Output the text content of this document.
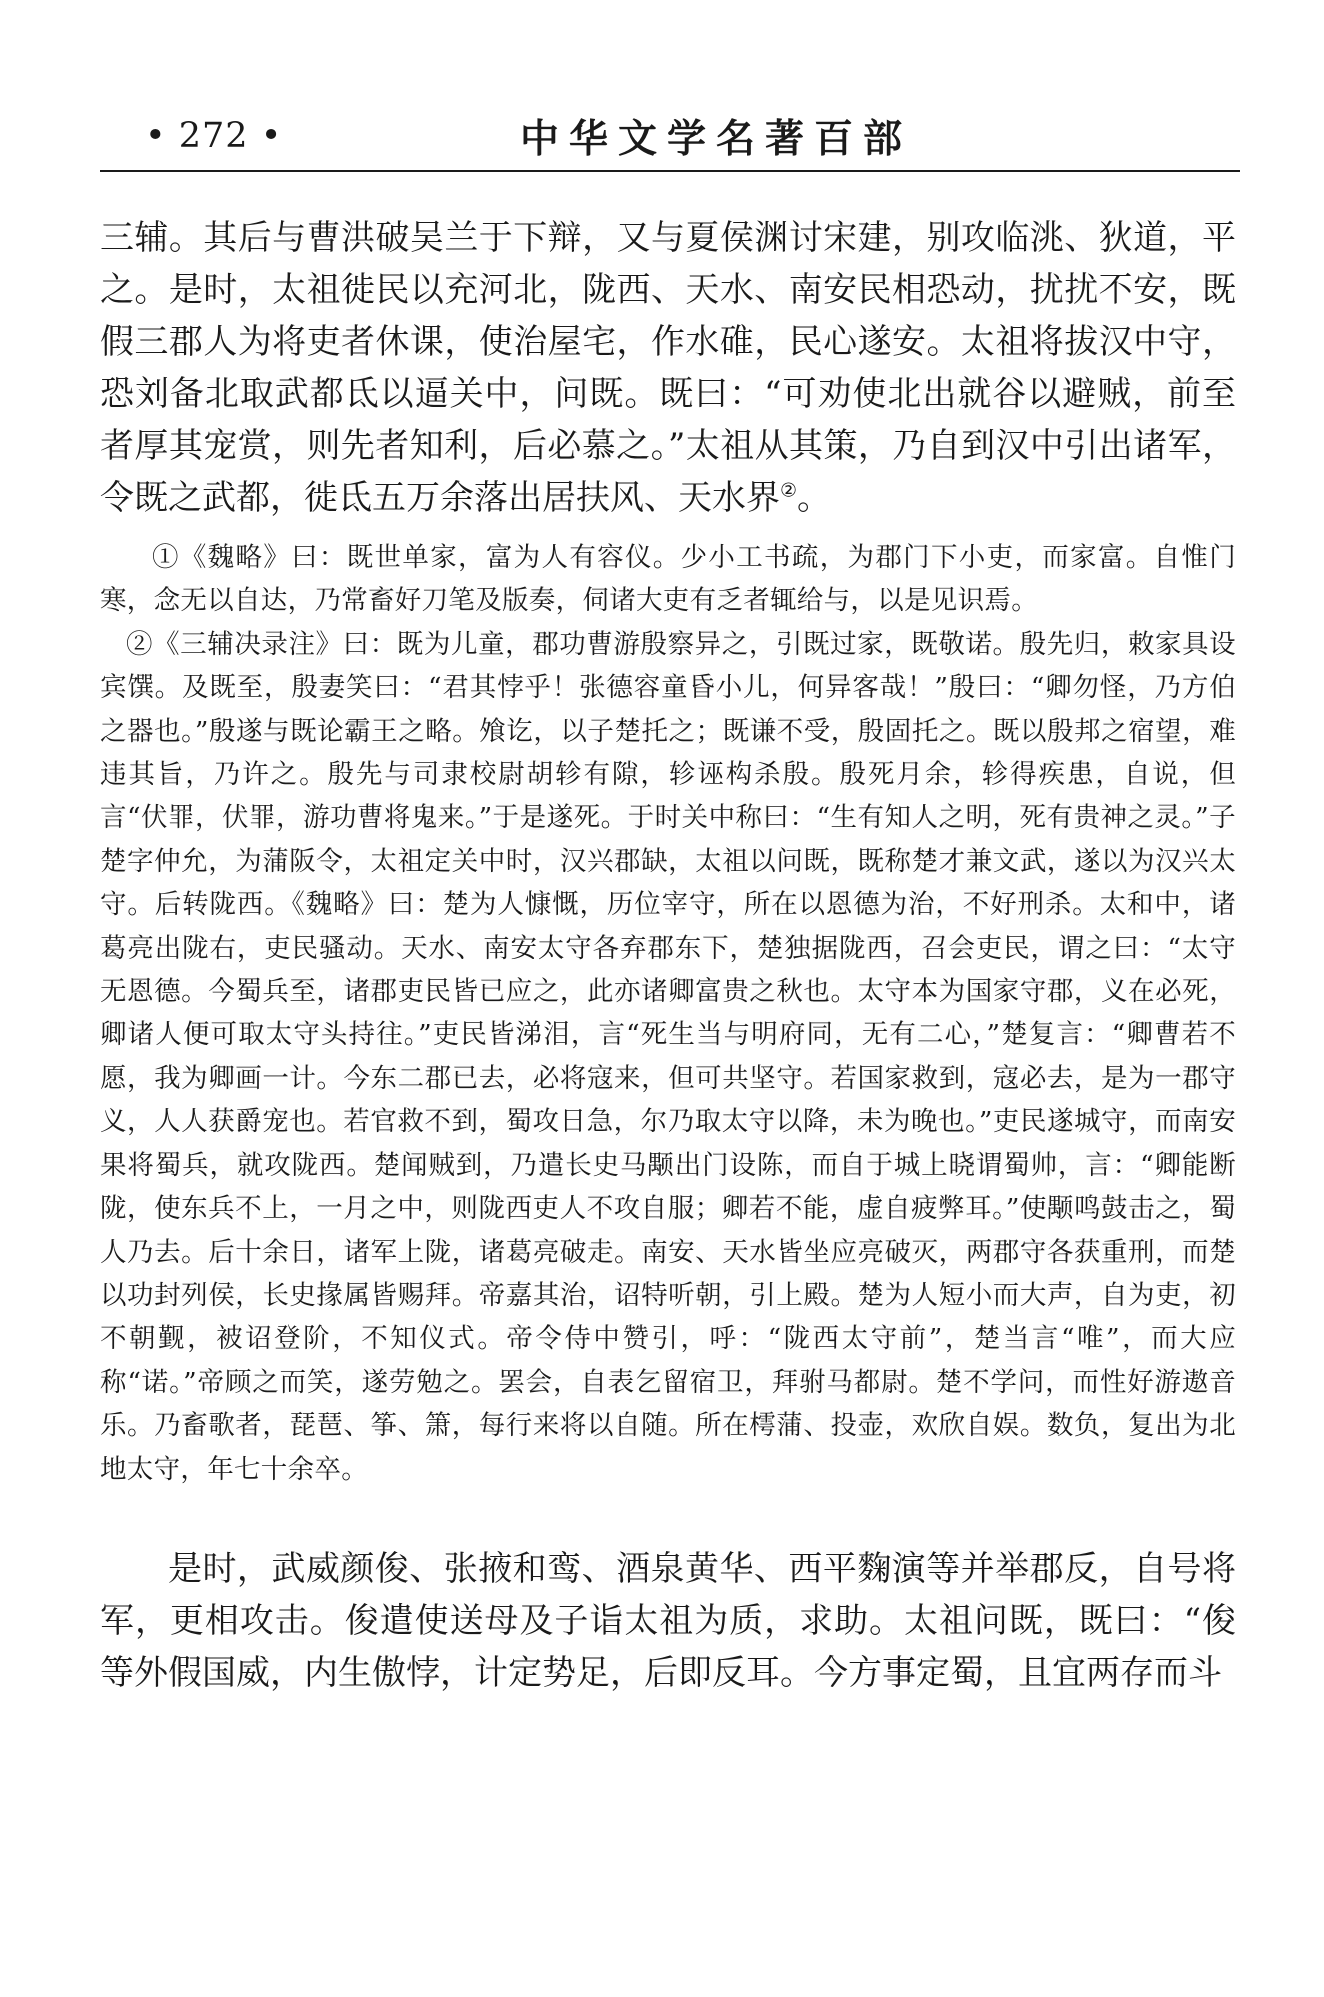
• 272 •	中华文学名著百部

三辅。其后与曹洪破吴兰于下辩，又与夏侯渊讨宋建，别攻临洮、狄道，平之。是时，太祖徙民以充河北，陇西、天水、南安民相恐动，扰扰不安，既假三郡人为将吏者休课，使治屋宅，作水碓，民心遂安。太祖将拔汉中守，恐刘备北取武都氐以逼关中，问既。既曰：“可劝使北出就谷以避贼，前至者厚其宠赏，则先者知利，后必慕之。”太祖从其策，乃自到汉中引出诸军，令既之武都，徙氐五万余落出居扶风、天水界②。

①《魏略》曰：既世单家，富为人有容仪。少小工书疏，为郡门下小吏，而家富。自惟门寒，念无以自达，乃常畜好刀笔及版奏，伺诸大吏有乏者辄给与，以是见识焉。

②《三辅决录注》曰：既为儿童，郡功曹游殷察异之，引既过家，既敬诺。殷先归，敕家具设宾馔。及既至，殷妻笑曰：“君其悖乎！张德容童昏小儿，何异客哉！”殷曰：“卿勿怪，乃方伯之器也。”殷遂与既论霸王之略。飧讫，以子楚托之；既谦不受，殷固托之。既以殷邦之宿望，难违其旨，乃许之。殷先与司隶校尉胡轸有隙，轸诬构杀殷。殷死月余，轸得疾患，自说，但言“伏罪，伏罪，游功曹将鬼来。”于是遂死。于时关中称曰：“生有知人之明，死有贵神之灵。”子楚字仲允，为蒲阪令，太祖定关中时，汉兴郡缺，太祖以问既，既称楚才兼文武，遂以为汉兴太守。后转陇西。《魏略》曰：楚为人慷慨，历位宰守，所在以恩德为治，不好刑杀。太和中，诸葛亮出陇右，吏民骚动。天水、南安太守各弃郡东下，楚独据陇西，召会吏民，谓之曰：“太守无恩德。今蜀兵至，诸郡吏民皆已应之，此亦诸卿富贵之秋也。太守本为国家守郡，义在必死，卿诸人便可取太守头持往。”吏民皆涕泪，言“死生当与明府同，无有二心，”楚复言：“卿曹若不愿，我为卿画一计。今东二郡已去，必将寇来，但可共坚守。若国家救到，寇必去，是为一郡守义，人人获爵宠也。若官救不到，蜀攻日急，尔乃取太守以降，未为晚也。”吏民遂城守，而南安果将蜀兵，就攻陇西。楚闻贼到，乃遣长史马颙出门设陈，而自于城上晓谓蜀帅，言：“卿能断陇，使东兵不上，一月之中，则陇西吏人不攻自服；卿若不能，虚自疲弊耳。”使颙鸣鼓击之，蜀人乃去。后十余日，诸军上陇，诸葛亮破走。南安、天水皆坐应亮破灭，两郡守各获重刑，而楚以功封列侯，长史掾属皆赐拜。帝嘉其治，诏特听朝，引上殿。楚为人短小而大声，自为吏，初不朝觐，被诏登阶，不知仪式。帝令侍中赞引，呼：“陇西太守前”，楚当言“唯”，而大应称“诺。”帝顾之而笑，遂劳勉之。罢会，自表乞留宿卫，拜驸马都尉。楚不学问，而性好游遨音乐。乃畜歌者，琵琶、筝、箫，每行来将以自随。所在樗蒲、投壶，欢欣自娱。数负，复出为北地太守，年七十余卒。

是时，武威颜俊、张掖和鸾、酒泉黄华、西平麴演等并举郡反，自号将军，更相攻击。俊遣使送母及子诣太祖为质，求助。太祖问既，既曰：“俊等外假国威，内生傲悖，计定势足，后即反耳。今方事定蜀，且宜两存而斗
